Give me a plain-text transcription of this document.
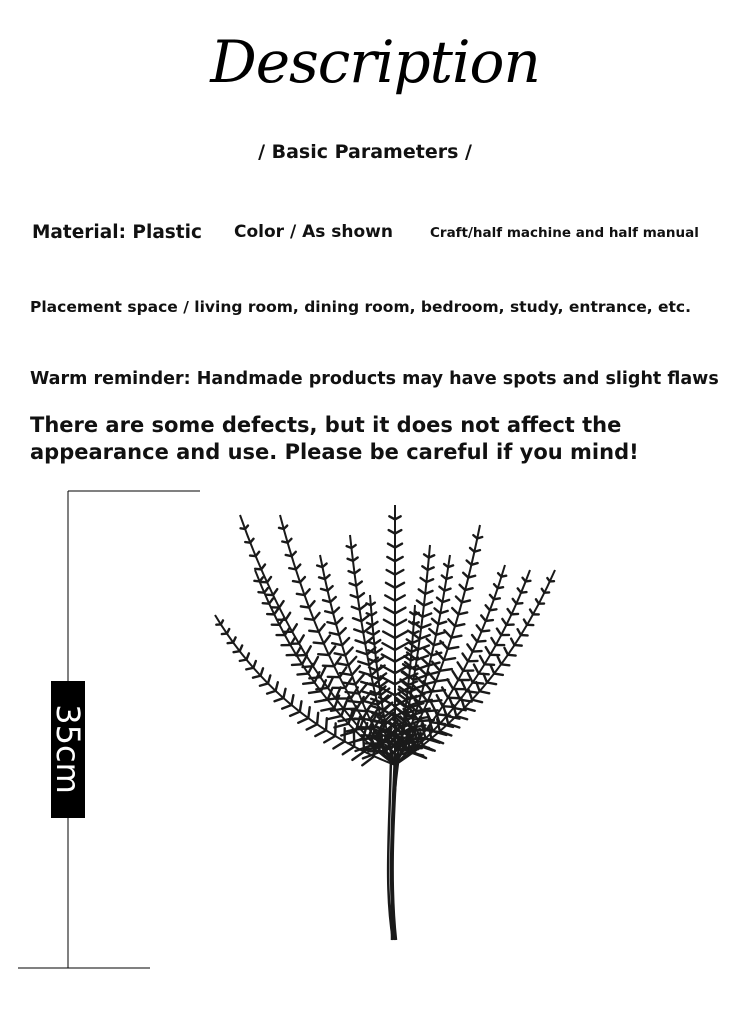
Description
/ Basic Parameters /
Material: Plastic Color / As shown	Craft/half machine and half manual
Placement space / living room, dining room, bedroom, study, entrance, etc.
Warm reminder: Handmade products may have spots and slight flaws
There are some defects, but it does not affect the
appearance and use. Please be careful if you mind!
35cm
